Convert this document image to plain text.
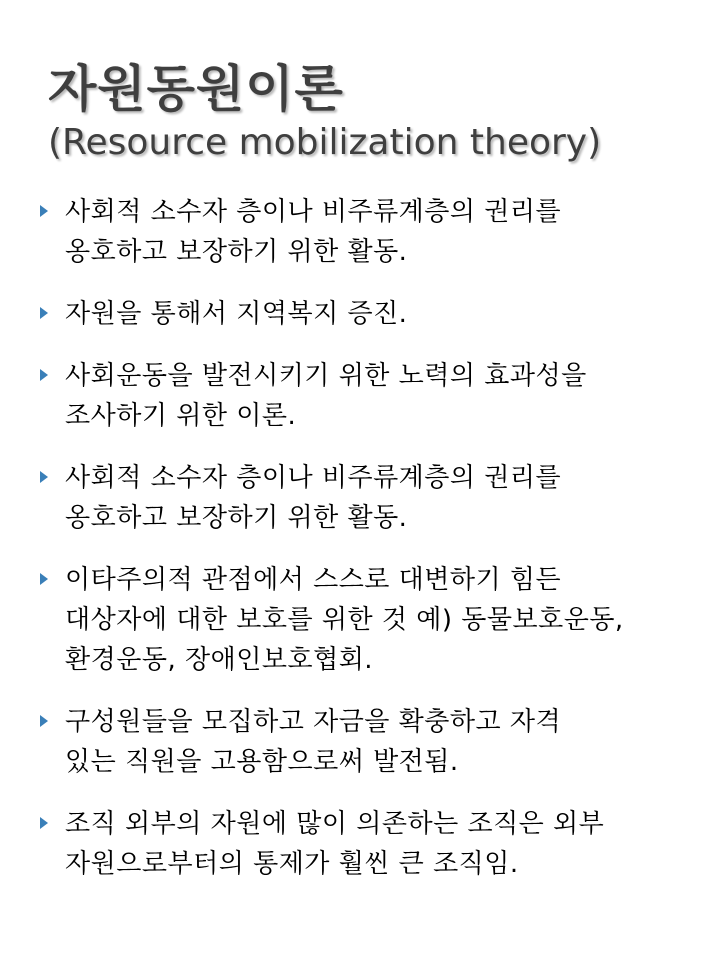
자원동원이론
(Resource mobilization theory)
사회적 소수자 층이나 비주류계층의 권리를
옹호하고 보장하기 위한 활동.
자원을 통해서 지역복지 증진.
사회운동을 발전시키기 위한 노력의 효과성을
조사하기 위한 이론.
사회적 소수자 층이나 비주류계층의 권리를
옹호하고 보장하기 위한 활동.
이타주의적 관점에서 스스로 대변하기 힘든
대상자에 대한 보호를 위한 것 예) 동물보호운동,
환경운동, 장애인보호협회.
구성원들을 모집하고 자금을 확충하고 자격
있는 직원을 고용함으로써 발전됨.
조직 외부의 자원에 많이 의존하는 조직은 외부
자원으로부터의 통제가 훨씬 큰 조직임.
